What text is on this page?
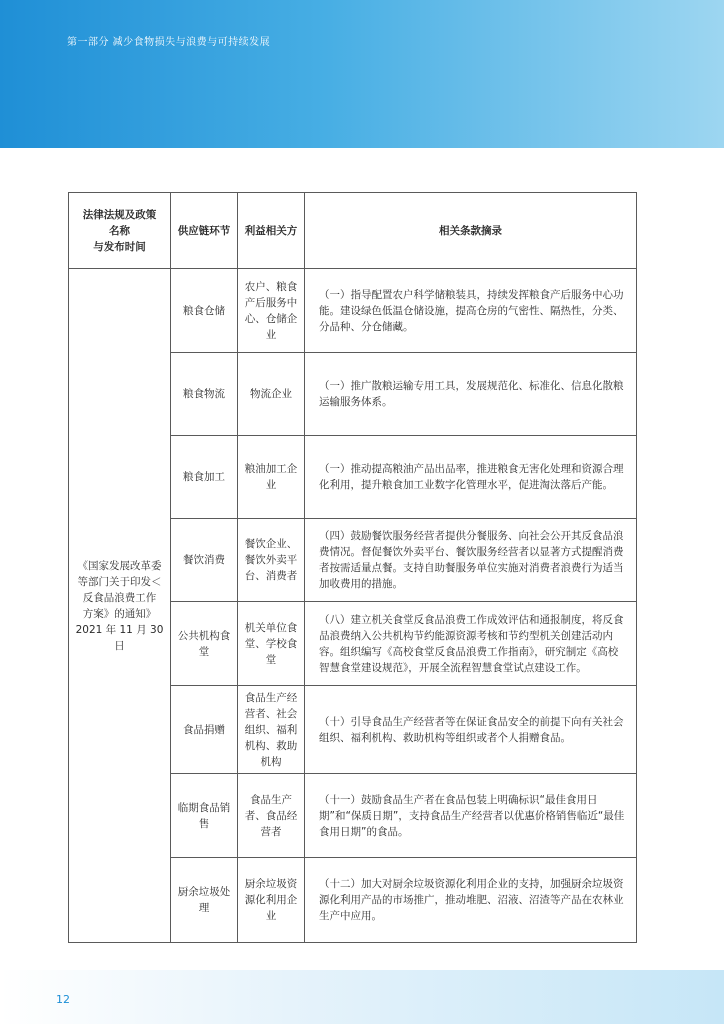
第一部分 减少食物损失与浪费与可持续发展
法律法规及政策
名称
与发布时间	供应链环节	利益相关方	相关条款摘录

《国家发展改革委
等部门关于印发＜
反食品浪费工作
方案》的通知》
2021 年 11 月 30 日	粮食仓储	农户、粮食产后服务中心、仓储企业	（一）指导配置农户科学储粮装具，持续发挥粮食产后服务中心功能。建设绿色低温仓储设施，提高仓房的气密性、隔热性，分类、分品种、分仓储藏。
	粮食物流	物流企业	（一）推广散粮运输专用工具，发展规范化、标准化、信息化散粮运输服务体系。
	粮食加工	粮油加工企业	（一）推动提高粮油产品出品率，推进粮食无害化处理和资源合理化利用，提升粮食加工业数字化管理水平，促进淘汰落后产能。
	餐饮消费	餐饮企业、餐饮外卖平台、消费者	（四）鼓励餐饮服务经营者提供分餐服务、向社会公开其反食品浪费情况。督促餐饮外卖平台、餐饮服务经营者以显著方式提醒消费者按需适量点餐。支持自助餐服务单位实施对消费者浪费行为适当加收费用的措施。
	公共机构食堂	机关单位食堂、学校食堂	（八）建立机关食堂反食品浪费工作成效评估和通报制度，将反食品浪费纳入公共机构节约能源资源考核和节约型机关创建活动内容。组织编写《高校食堂反食品浪费工作指南》，研究制定《高校智慧食堂建设规范》，开展全流程智慧食堂试点建设工作。
	食品捐赠	食品生产经营者、社会组织、福利机构、救助机构	（十）引导食品生产经营者等在保证食品安全的前提下向有关社会组织、福利机构、救助机构等组织或者个人捐赠食品。
	临期食品销售	食品生产者、食品经营者	（十一）鼓励食品生产者在食品包装上明确标识“最佳食用日期”和“保质日期”，支持食品生产经营者以优惠价格销售临近“最佳食用日期”的食品。
	厨余垃圾处理	厨余垃圾资源化利用企业	（十二）加大对厨余垃圾资源化利用企业的支持，加强厨余垃圾资源化利用产品的市场推广，推动堆肥、沼液、沼渣等产品在农林业生产中应用。
12
